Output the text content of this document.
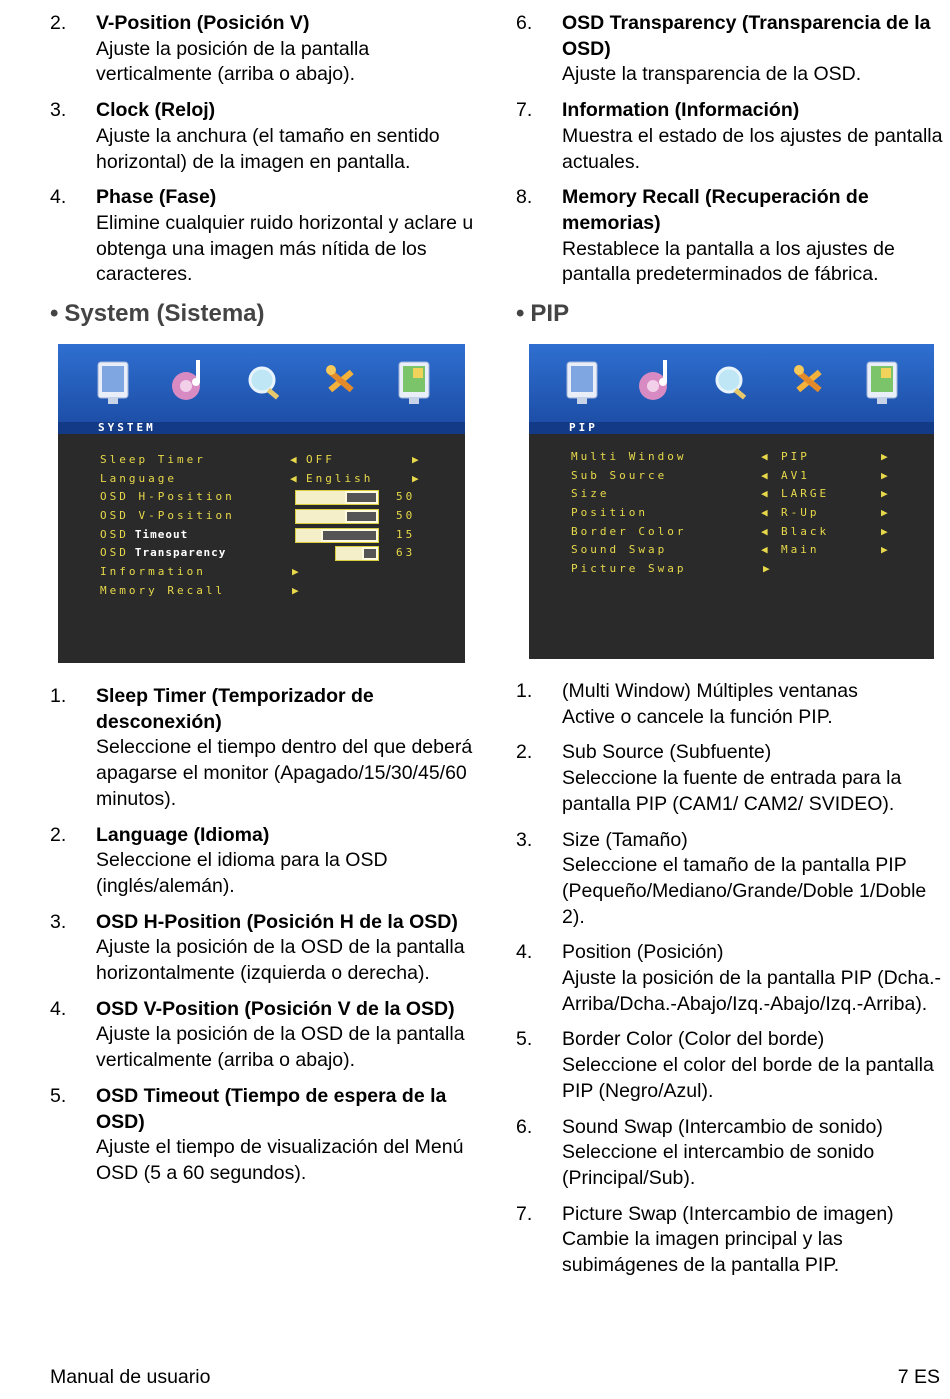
2. V-Position (Posición V)
Ajuste la posición de la pantalla verticalmente (arriba o abajo).
3. Clock (Reloj)
Ajuste la anchura (el tamaño en sentido horizontal) de la imagen en pantalla.
4. Phase (Fase)
Elimine cualquier ruido horizontal y aclare u obtenga una imagen más nítida de los caracteres.
6. OSD Transparency (Transparencia de la OSD)
Ajuste la transparencia de la OSD.
7. Information (Información)
Muestra el estado de los ajustes de pantalla actuales.
8. Memory Recall (Recuperación de memorias)
Restablece la pantalla a los ajustes de pantalla predeterminados de fábrica.
• System (Sistema)	• PIP
SYSTEM
Sleep Timer	◀ OFF	▶
Language	◀ English	▶
OSD H-Position	50
OSD V-Position	50
OSD Timeout	15
OSD Transparency	63
Information	▶
Memory Recall	▶
PIP
Multi Window	◀ PIP	▶
Sub Source	◀ AV1	▶
Size	◀ LARGE	▶
Position	◀ R-Up	▶
Border Color	◀ Black	▶
Sound Swap	◀ Main	▶
Picture Swap	▶
1. Sleep Timer (Temporizador de desconexión)
Seleccione el tiempo dentro del que deberá apagarse el monitor (Apagado/15/30/45/60 minutos).
2. Language (Idioma)
Seleccione el idioma para la OSD (inglés/alemán).
3. OSD H-Position (Posición H de la OSD)
Ajuste la posición de la OSD de la pantalla horizontalmente (izquierda o derecha).
4. OSD V-Position (Posición V de la OSD)
Ajuste la posición de la OSD de la pantalla verticalmente (arriba o abajo).
5. OSD Timeout (Tiempo de espera de la OSD)
Ajuste el tiempo de visualización del Menú OSD (5 a 60 segundos).
1. (Multi Window) Múltiples ventanas
Active o cancele la función PIP.
2. Sub Source (Subfuente)
Seleccione la fuente de entrada para la pantalla PIP (CAM1/ CAM2/ SVIDEO).
3. Size (Tamaño)
Seleccione el tamaño de la pantalla PIP (Pequeño/Mediano/Grande/Doble 1/Doble 2).
4. Position (Posición)
Ajuste la posición de la pantalla PIP (Dcha.-Arriba/Dcha.-Abajo/Izq.-Abajo/Izq.-Arriba).
5. Border Color (Color del borde)
Seleccione el color del borde de la pantalla PIP (Negro/Azul).
6. Sound Swap (Intercambio de sonido)
Seleccione el intercambio de sonido (Principal/Sub).
7. Picture Swap (Intercambio de imagen)
Cambie la imagen principal y las subimágenes de la pantalla PIP.
Manual de usuario	7 ES
